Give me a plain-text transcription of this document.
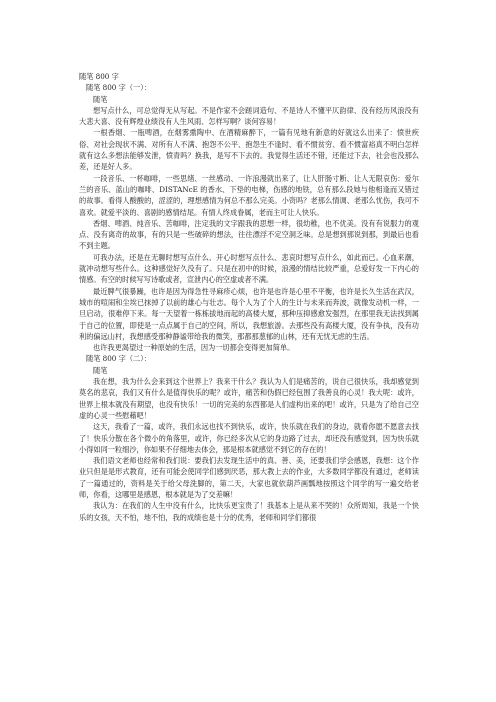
随笔 800 字

随笔 800 字（一）：

随笔

想写点什么，可总觉得无从写起。不是作家不会蹉词造句、不是诗人不懂平仄韵律、没有经历风浪没有大悲大喜、没有辉煌业绩没有人生风雨、怎样写啊？谈何容易！

一根香烟、一瓶啤酒，在烟雾熏陶中、在酒精麻醉下，一篇有见地有新意的好就这么出来了：愤世疾俗、对社会现状不满、对所有人不满、抱怨不公平、抱怨生不逢时、看不惯贫穷、看不惯富裕真不明白怎样就有这么多想法能够发泄，愤青吗？换我，是写不下去的。我觉得生活还不错，还能过下去，社会也没那么差，还是好人多。

一段音乐、一杯咖啡，一些思绪、一丝感动、一许浪漫就出来了，让人肝肠寸断、让人无限哀伤：爱尔兰的音乐、蓝山的咖啡、DISTANcE 的香水、下垫的电梯，伤感的地铁，总有那么段她与他相逢而又错过的故事。看得人酸酸的，涩涩的，理想感情为何总不那么完美。小资吗？老那么情调、老那么忧伤，我可不喜欢。就爱平淡的、喜剧的感情结尾。有情人终成眷属，老而主可让人快乐。

香烟、啤酒、纯音乐、苦咖啡，注定我的文字跟我的思想一样，很幼稚，也不优美。没有有说服力的观点、没有离奇的故事，有的只是一些破碎的想法，往往漂浮不定空洞乏味。总是想到那说到那，到最后也看不到主题。

可我办法，还是在无聊时想写点什么、开心时想写点什么、悲哀时想写点什么，如此而已。心血来潮，就冲动想写些什么。这种感觉好久没有了。只是在初中的时候，浪漫的情结比较严重，总爱好发一下内心的情感。有空的时候写写诗歌或者，宣泄内心的空虚或者不满。

最近脾气很暴躁，也许是因为得急性寻麻疹心烦，也许是也许是心里不平衡，也许是长久生活在武汉，城市的喧闹和尘埃已抹掉了以前的雄心与壮志。每个人为了个人的生计与未来而奔波，就像发动机一样，一旦启动，很难停下来。每一天望着一栋栋拔地而起的高楼大厦，那种压抑感愈发强烈，在那里我无法找到属于自己的位置，即使是一点点属于自己的空间，所以，我想旅游。去那些没有高楼大厦，没有争执，没有功利的偏远山村，我想感受那种静谧带给我的微笑，那都那葱郁的山林，还有无忧无虑的生活。

也许我更渴望过一种原始的生活，因为一切都会变得更加简单。

随笔 800 字（二）：

随笔

我在想，我为什么会来到这个世界上？我来干什么？我认为人们是痛苦的，说自己很快乐，我却感觉到莫名的悲哀，我们又有什么是值得快乐的呢？或许，痛苦和伪假已经包围了我善良的心灵！我大呢：或许，世界上根本就没有期望，也没有快乐！一切的完美的东西都是人们虚构出来的吧！或许，只是为了给自己空虚的心灵一些慰藉吧！

这天，我看了一篇，或许，我们永远也找不到快乐，或许，快乐就在我们的身边，就看你愿不愿意去找了！快乐分散在各个微小的角落里，或许，你已经多次从它的身边路了过去，却还没有感觉到，因为快乐就小得如同一粒细沙，你如果不仔细地去体会，那是根本就感觉不到它的存在的！

我们语文老师也经常和我们说：要我们去发现生活中的真、善、美，还要我们学会感恩，我想：这个作业只但是是形式教育，还有可能会使同学们感到厌恶，那大教上去的作业，大多数同学都没有通过，老师读了一篇通过的，资料是关于给父母洗脚的，第二天，大家也就依葫芦画瓢地按照这个同学的写一遍交给老师，你看，这哪里是感恩，根本就是为了交差嘛！

我认为：在我们的人生中没有什么，比快乐更宝贵了！我基本上是从来不哭的！众所周知，我是一个快乐的女孩，天不怕，地不怕，我的成绩也是十分的优秀，老师和同学们都很
